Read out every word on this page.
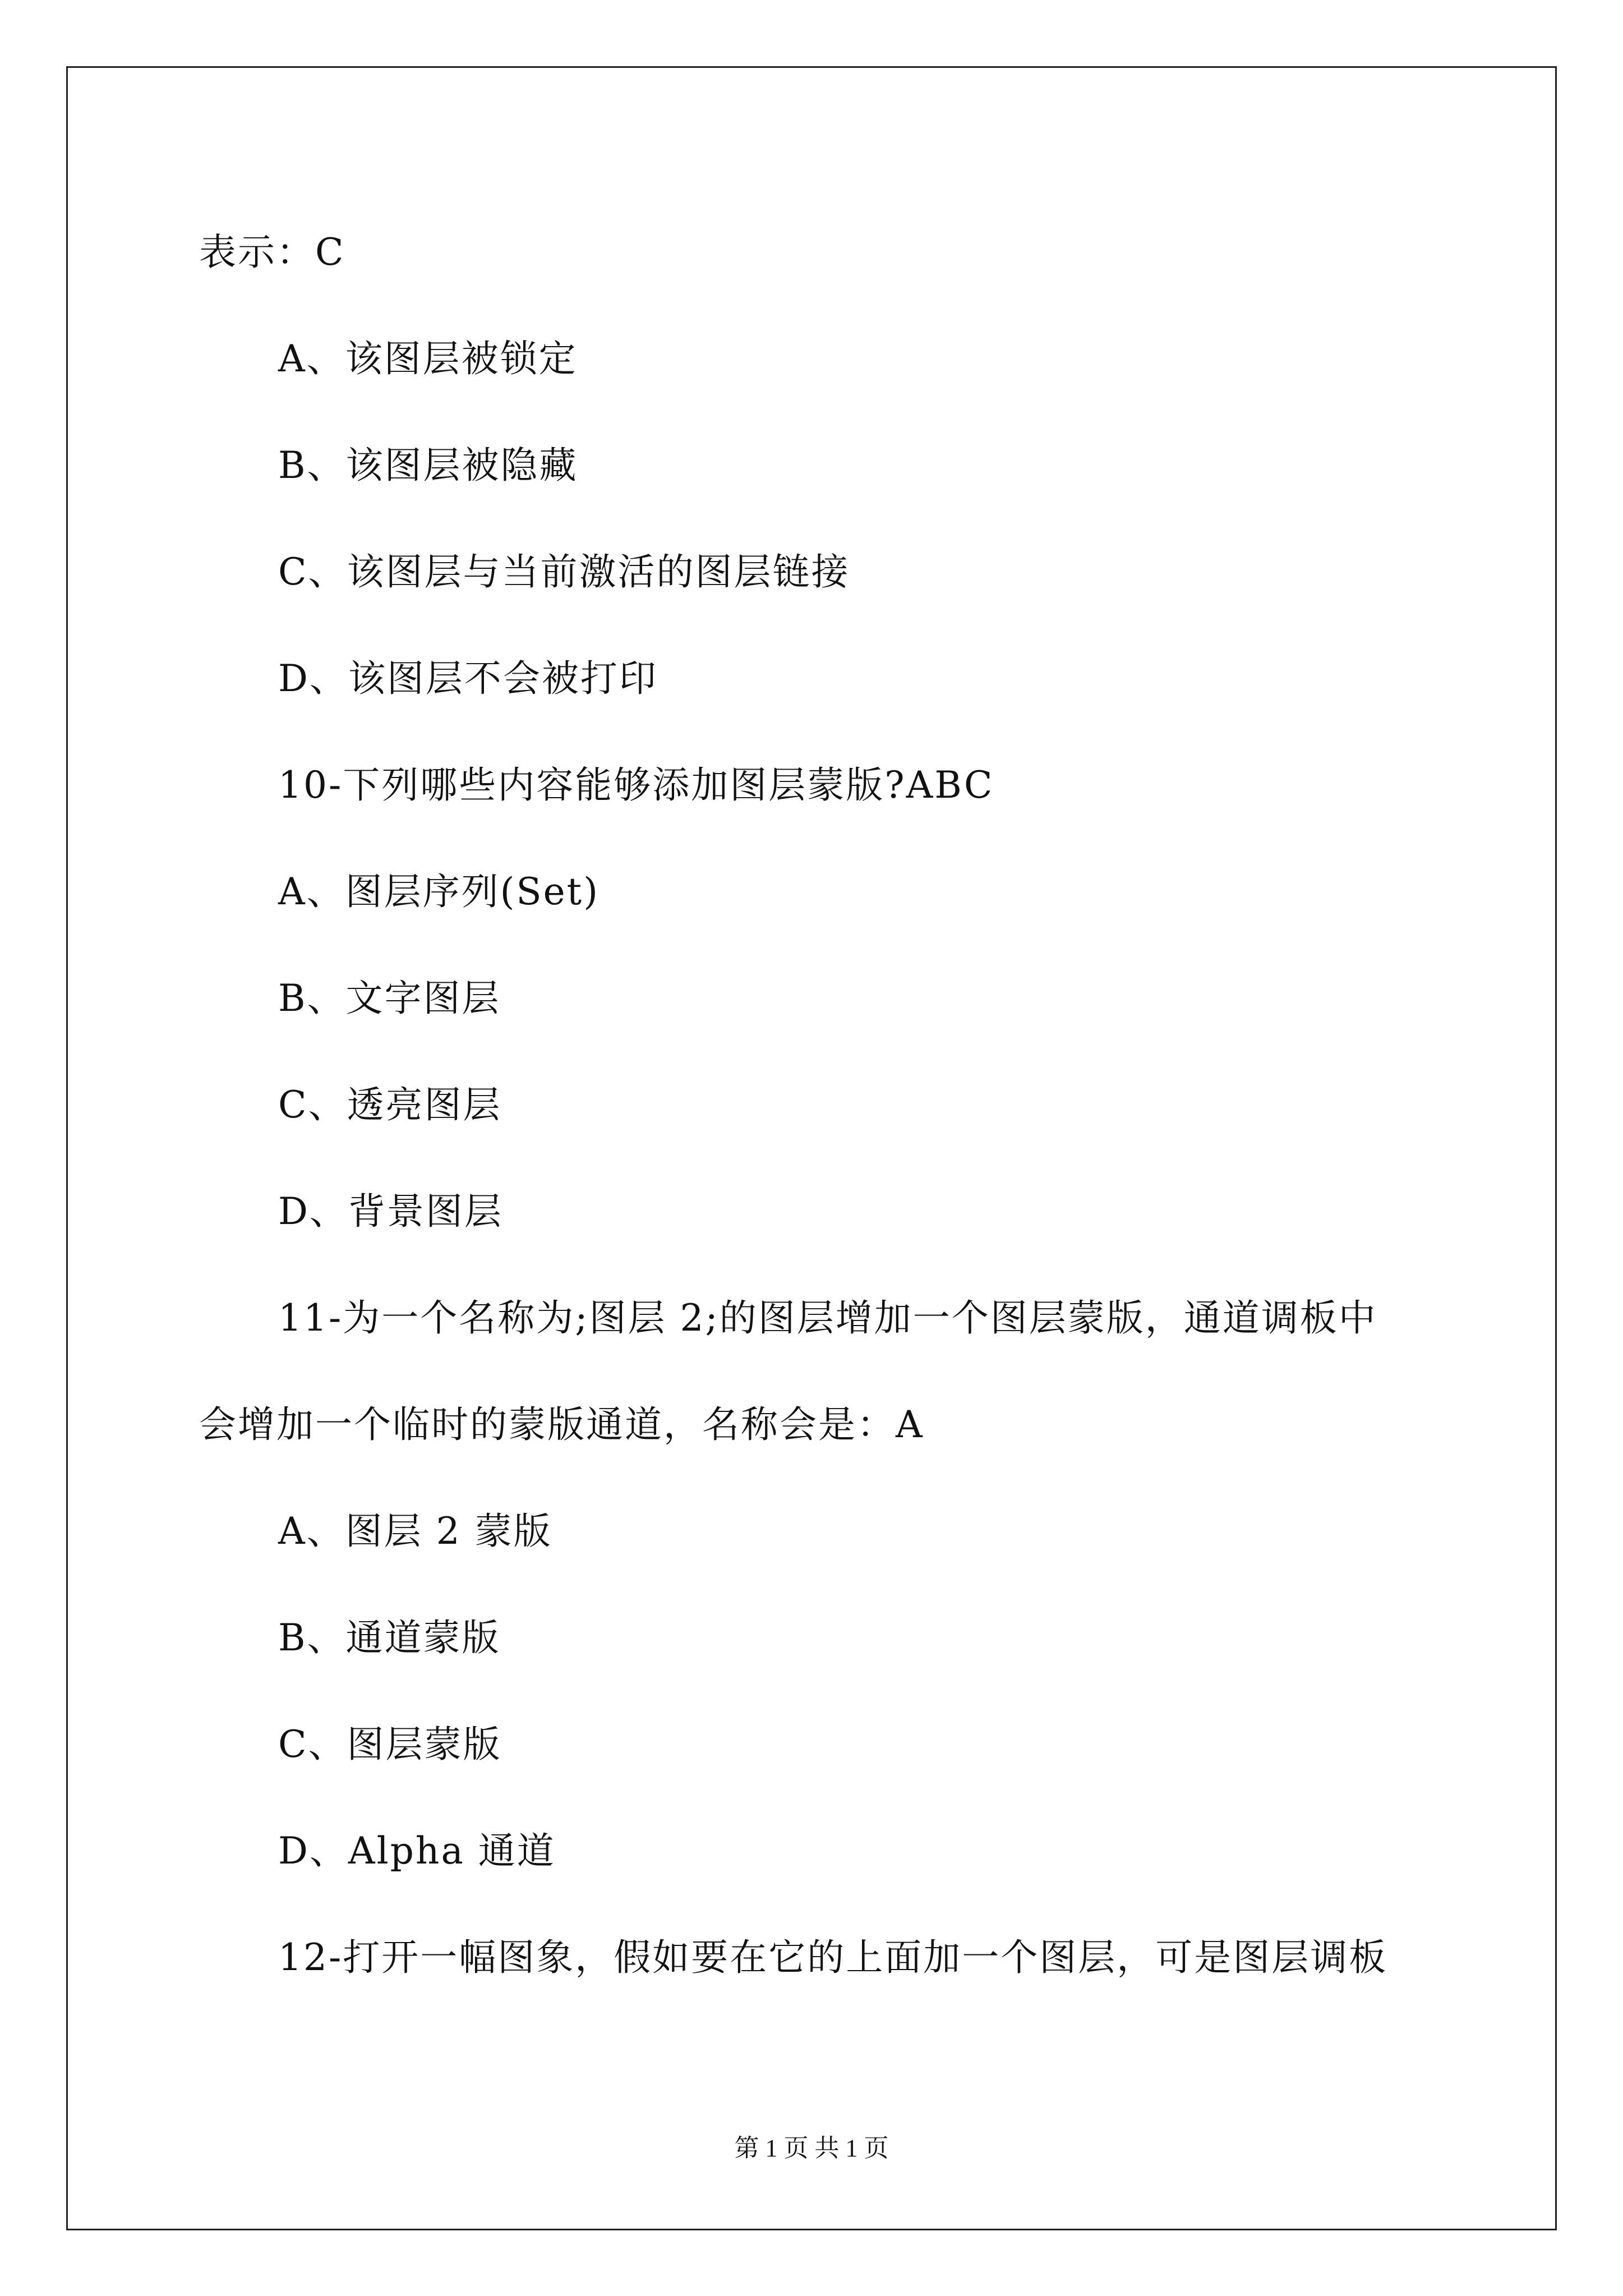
表示：C
A、该图层被锁定
B、该图层被隐藏
C、该图层与当前激活的图层链接
D、该图层不会被打印
10-下列哪些内容能够添加图层蒙版?ABC
A、图层序列(Set)
B、文字图层
C、透亮图层
D、背景图层
11-为一个名称为;图层 2;的图层增加一个图层蒙版，通道调板中
会增加一个临时的蒙版通道，名称会是：A
A、图层 2 蒙版
B、通道蒙版
C、图层蒙版
D、Alpha 通道
12-打开一幅图象，假如要在它的上面加一个图层，可是图层调板
第 1 页 共 1 页
